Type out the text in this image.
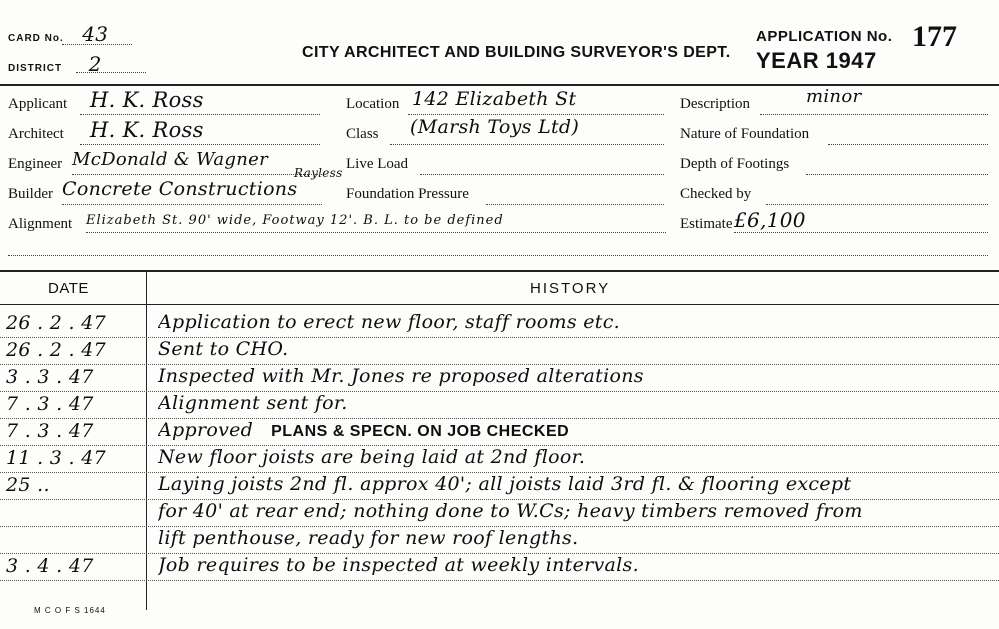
CARD No. 43
DISTRICT 2	CITY ARCHITECT AND BUILDING SURVEYOR'S DEPT.
APPLICATION No. 177
YEAR 1947
Applicant H. K. Ross
Architect H. K. Ross
Engineer McDonald & Wagner
Rayless
Builder Concrete Constructions
Alignment Elizabeth St. 90' wide, Footway 12'. B. L. to be defined
Location 142 Elizabeth St
Class (Marsh Toys Ltd)
Live Load
Foundation Pressure
Description	minor
Nature of Foundation
Depth of Footings
Checked by
Estimate £6,100
DATE	HISTORY
26 . 2 . 47	Application to erect new floor, staff rooms etc.
26 . 2 . 47	Sent to CHO.
3 . 3 . 47	Inspected with Mr. Jones re proposed alterations
7 . 3 . 47	Alignment sent for.
7 . 3 . 47	Approved PLANS & SPECN. ON JOB CHECKED
11 . 3 . 47	New floor joists are being laid at 2nd floor.
25 ..	Laying joists 2nd fl. approx 40'; all joists laid 3rd fl. & flooring except
for 40' at rear end; nothing done to W.Cs; heavy timbers removed from
lift penthouse, ready for new roof lengths.
3 . 4 . 47	Job requires to be inspected at weekly intervals.
M C O F S 1644
